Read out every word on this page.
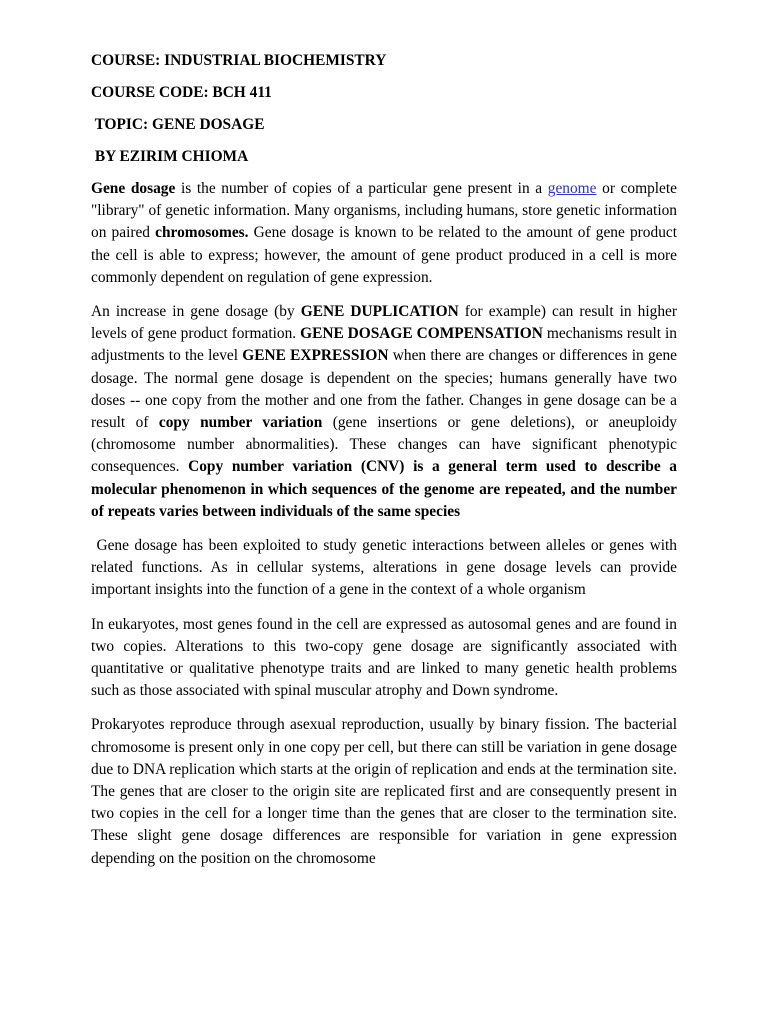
COURSE: INDUSTRIAL BIOCHEMISTRY
COURSE CODE: BCH 411
TOPIC: GENE DOSAGE
BY EZIRIM CHIOMA

Gene dosage is the number of copies of a particular gene present in a genome or complete "library" of genetic information. Many organisms, including humans, store genetic information on paired chromosomes. Gene dosage is known to be related to the amount of gene product the cell is able to express; however, the amount of gene product produced in a cell is more commonly dependent on regulation of gene expression.

An increase in gene dosage (by GENE DUPLICATION for example) can result in higher levels of gene product formation. GENE DOSAGE COMPENSATION mechanisms result in adjustments to the level GENE EXPRESSION when there are changes or differences in gene dosage. The normal gene dosage is dependent on the species; humans generally have two doses -- one copy from the mother and one from the father. Changes in gene dosage can be a result of copy number variation (gene insertions or gene deletions), or aneuploidy (chromosome number abnormalities). These changes can have significant phenotypic consequences. Copy number variation (CNV) is a general term used to describe a molecular phenomenon in which sequences of the genome are repeated, and the number of repeats varies between individuals of the same species

Gene dosage has been exploited to study genetic interactions between alleles or genes with related functions. As in cellular systems, alterations in gene dosage levels can provide important insights into the function of a gene in the context of a whole organism

In eukaryotes, most genes found in the cell are expressed as autosomal genes and are found in two copies. Alterations to this two-copy gene dosage are significantly associated with quantitative or qualitative phenotype traits and are linked to many genetic health problems such as those associated with spinal muscular atrophy and Down syndrome.

Prokaryotes reproduce through asexual reproduction, usually by binary fission. The bacterial chromosome is present only in one copy per cell, but there can still be variation in gene dosage due to DNA replication which starts at the origin of replication and ends at the termination site. The genes that are closer to the origin site are replicated first and are consequently present in two copies in the cell for a longer time than the genes that are closer to the termination site. These slight gene dosage differences are responsible for variation in gene expression depending on the position on the chromosome
